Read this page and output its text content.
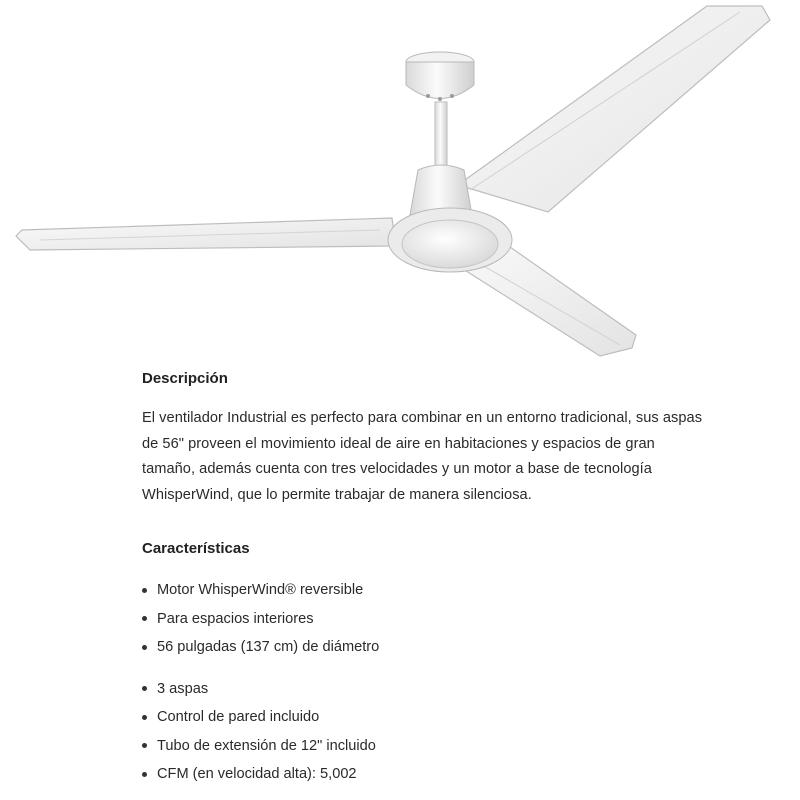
Descripción

El ventilador Industrial es perfecto para combinar en un entorno tradicional, sus aspas
de 56" proveen el movimiento ideal de aire en habitaciones y espacios de gran
tamaño, además cuenta con tres velocidades y un motor a base de tecnología
WhisperWind, que lo permite trabajar de manera silenciosa.

Características
Motor WhisperWind® reversible
Para espacios interiores
56 pulgadas (137 cm) de diámetro
3 aspas
Control de pared incluido
Tubo de extensión de 12" incluido
CFM (en velocidad alta): 5,002
